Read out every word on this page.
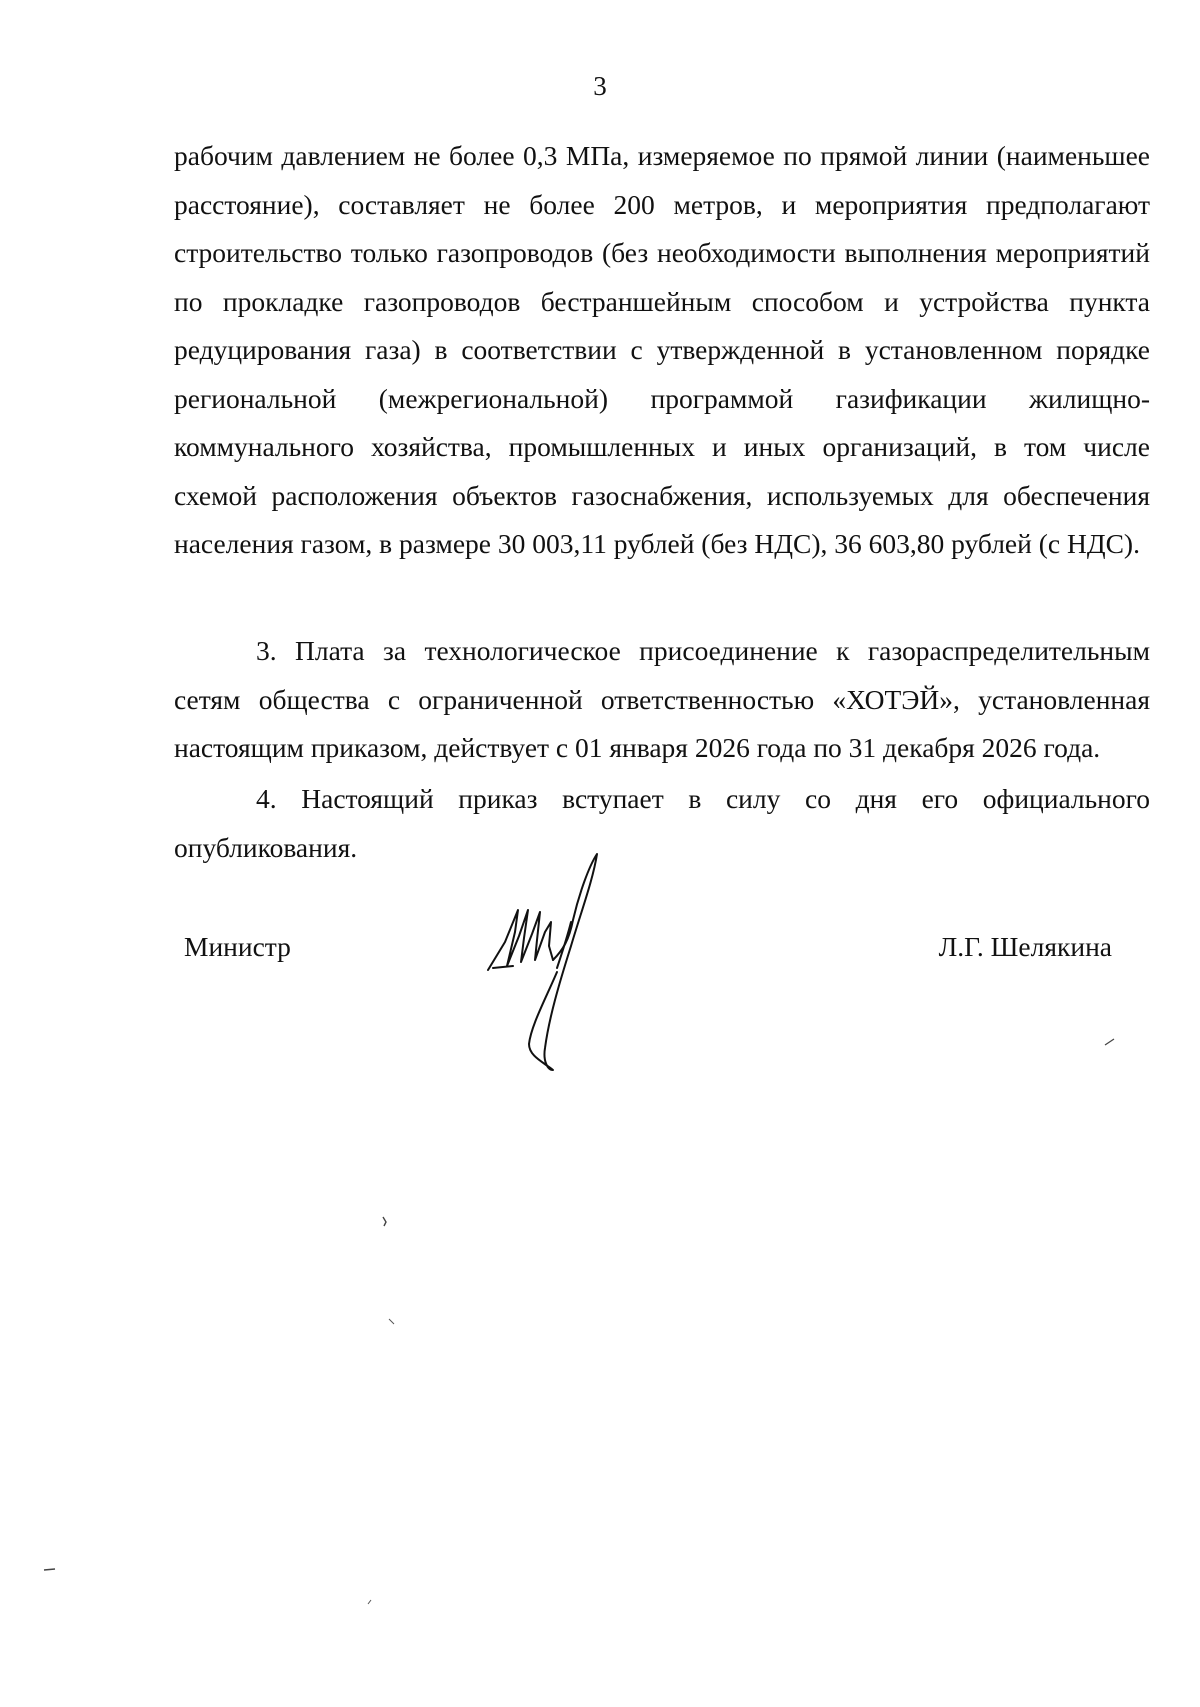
3

рабочим давлением не более 0,3 МПа, измеряемое по прямой линии (наименьшее расстояние), составляет не более 200 метров, и мероприятия предполагают строительство только газопроводов (без необходимости выполнения мероприятий по прокладке газопроводов бестраншейным способом и устройства пункта редуцирования газа) в соответствии с утвержденной в установленном порядке региональной (межрегиональной) программой газификации жилищно-коммунального хозяйства, промышленных и иных организаций, в том числе схемой расположения объектов газоснабжения, используемых для обеспечения населения газом, в размере 30 003,11 рублей (без НДС), 36 603,80 рублей (с НДС).

3. Плата за технологическое присоединение к газораспределительным сетям общества с ограниченной ответственностью «ХОТЭЙ», установленная настоящим приказом, действует с 01 января 2026 года по 31 декабря 2026 года.

4. Настоящий приказ вступает в силу со дня его официального опубликования.

Министр	Л.Г. Шелякина
